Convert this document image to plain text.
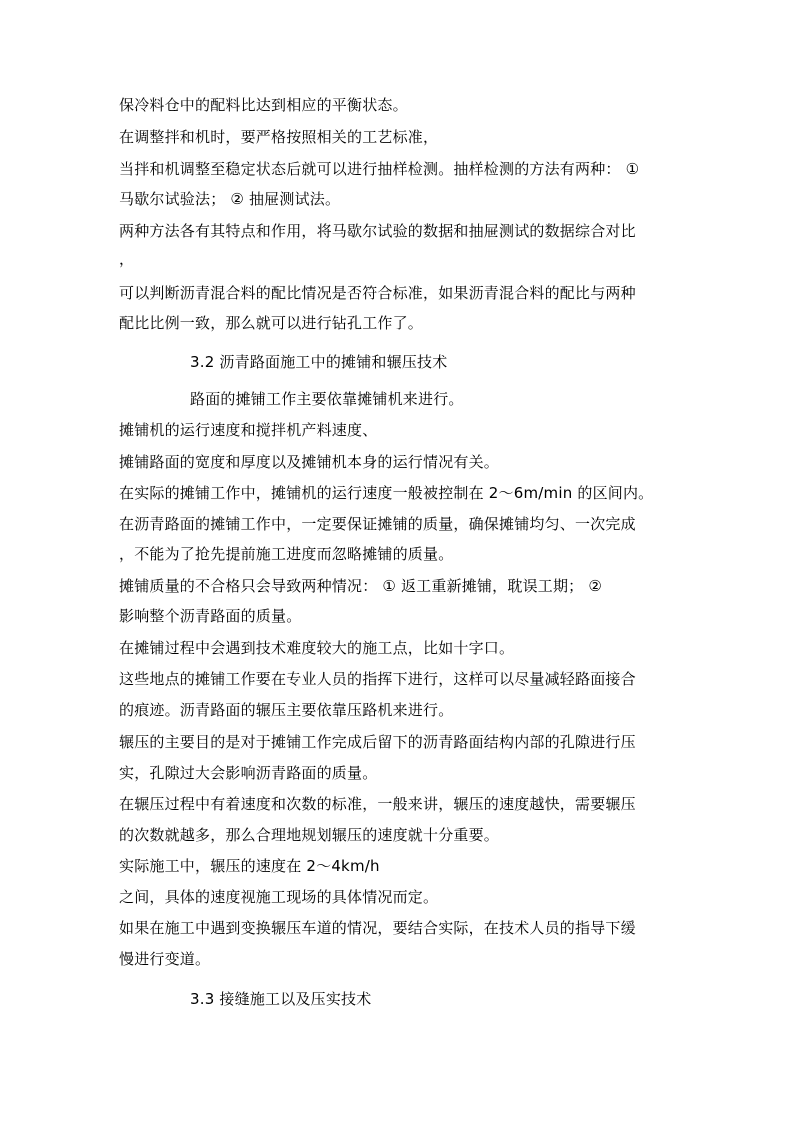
保冷料仓中的配料比达到相应的平衡状态。
在调整拌和机时，要严格按照相关的工艺标准，
当拌和机调整至稳定状态后就可以进行抽样检测。抽样检测的方法有两种： ①
马歇尔试验法； ② 抽屉测试法。
两种方法各有其特点和作用，将马歇尔试验的数据和抽屉测试的数据综合对比
，
可以判断沥青混合料的配比情况是否符合标准，如果沥青混合料的配比与两种
配比比例一致，那么就可以进行钻孔工作了。
3.2 沥青路面施工中的摊铺和辗压技术
路面的摊铺工作主要依靠摊铺机来进行。
摊铺机的运行速度和搅拌机产料速度、
摊铺路面的宽度和厚度以及摊铺机本身的运行情况有关。
在实际的摊铺工作中，摊铺机的运行速度一般被控制在 2～6m/min 的区间内。
在沥青路面的摊铺工作中，一定要保证摊铺的质量，确保摊铺均匀、一次完成
，不能为了抢先提前施工进度而忽略摊铺的质量。
摊铺质量的不合格只会导致两种情况： ① 返工重新摊铺，耽误工期； ②
影响整个沥青路面的质量。
在摊铺过程中会遇到技术难度较大的施工点，比如十字口。
这些地点的摊铺工作要在专业人员的指挥下进行，这样可以尽量减轻路面接合
的痕迹。沥青路面的辗压主要依靠压路机来进行。
辗压的主要目的是对于摊铺工作完成后留下的沥青路面结构内部的孔隙进行压
实，孔隙过大会影响沥青路面的质量。
在辗压过程中有着速度和次数的标准，一般来讲，辗压的速度越快，需要辗压
的次数就越多，那么合理地规划辗压的速度就十分重要。
实际施工中，辗压的速度在 2～4km/h
之间，具体的速度视施工现场的具体情况而定。
如果在施工中遇到变换辗压车道的情况，要结合实际，在技术人员的指导下缓
慢进行变道。
3.3 接缝施工以及压实技术
